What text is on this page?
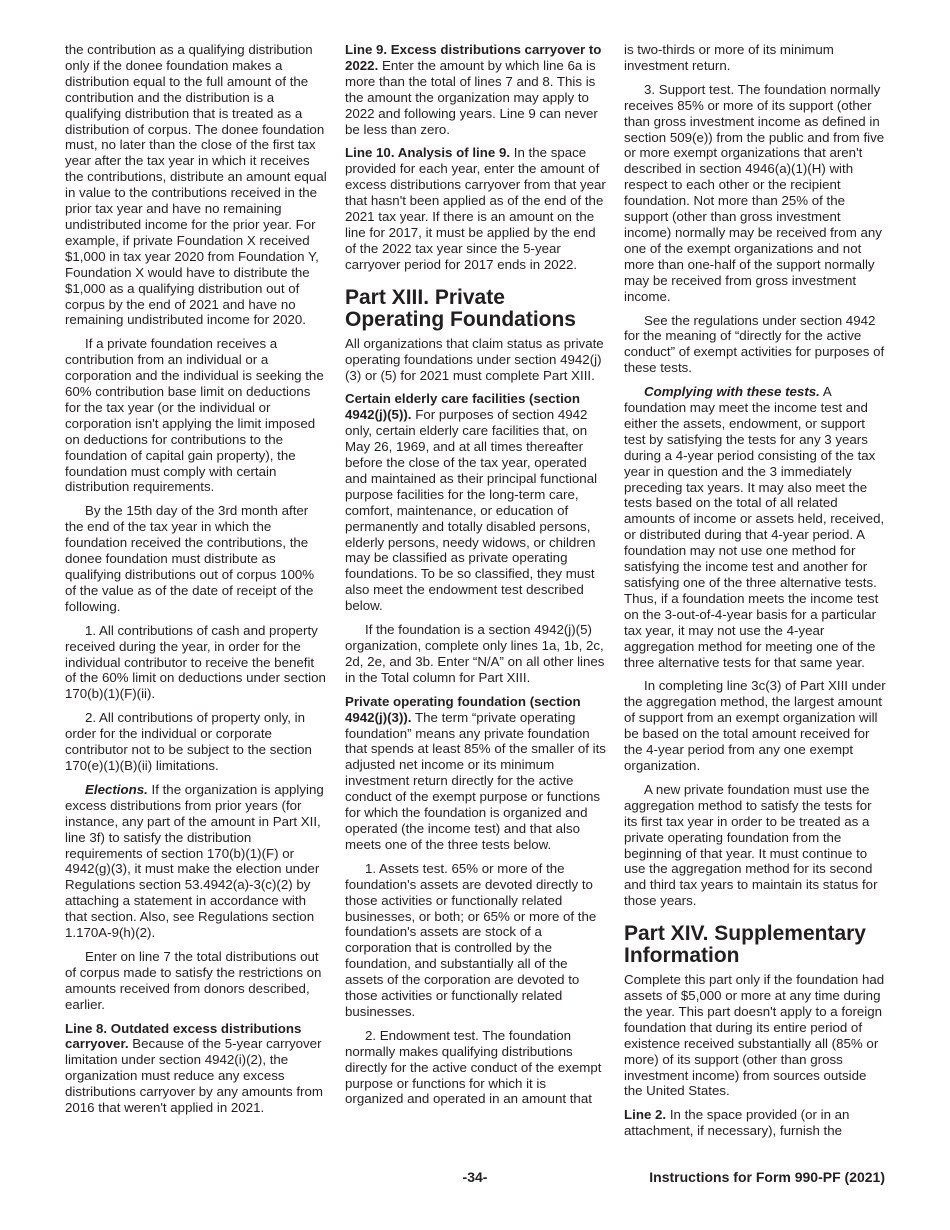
the contribution as a qualifying distribution only if the donee foundation makes a distribution equal to the full amount of the contribution and the distribution is a qualifying distribution that is treated as a distribution of corpus. The donee foundation must, no later than the close of the first tax year after the tax year in which it receives the contributions, distribute an amount equal in value to the contributions received in the prior tax year and have no remaining undistributed income for the prior year. For example, if private Foundation X received $1,000 in tax year 2020 from Foundation Y, Foundation X would have to distribute the $1,000 as a qualifying distribution out of corpus by the end of 2021 and have no remaining undistributed income for 2020.

If a private foundation receives a contribution from an individual or a corporation and the individual is seeking the 60% contribution base limit on deductions for the tax year (or the individual or corporation isn't applying the limit imposed on deductions for contributions to the foundation of capital gain property), the foundation must comply with certain distribution requirements.

By the 15th day of the 3rd month after the end of the tax year in which the foundation received the contributions, the donee foundation must distribute as qualifying distributions out of corpus 100% of the value as of the date of receipt of the following.

1. All contributions of cash and property received during the year, in order for the individual contributor to receive the benefit of the 60% limit on deductions under section 170(b)(1)(F)(ii).

2. All contributions of property only, in order for the individual or corporate contributor not to be subject to the section 170(e)(1)(B)(ii) limitations.

Elections. If the organization is applying excess distributions from prior years (for instance, any part of the amount in Part XII, line 3f) to satisfy the distribution requirements of section 170(b)(1)(F) or 4942(g)(3), it must make the election under Regulations section 53.4942(a)-3(c)(2) by attaching a statement in accordance with that section. Also, see Regulations section 1.170A-9(h)(2).

Enter on line 7 the total distributions out of corpus made to satisfy the restrictions on amounts received from donors described, earlier.

Line 8. Outdated excess distributions carryover. Because of the 5-year carryover limitation under section 4942(i)(2), the organization must reduce any excess distributions carryover by any amounts from 2016 that weren't applied in 2021.

Line 9. Excess distributions carryover to 2022. Enter the amount by which line 6a is more than the total of lines 7 and 8. This is the amount the organization may apply to 2022 and following years. Line 9 can never be less than zero.

Line 10. Analysis of line 9. In the space provided for each year, enter the amount of excess distributions carryover from that year that hasn't been applied as of the end of the 2021 tax year. If there is an amount on the line for 2017, it must be applied by the end of the 2022 tax year since the 5-year carryover period for 2017 ends in 2022.

Part XIII. Private Operating Foundations

All organizations that claim status as private operating foundations under section 4942(j)(3) or (5) for 2021 must complete Part XIII.

Certain elderly care facilities (section 4942(j)(5)). For purposes of section 4942 only, certain elderly care facilities that, on May 26, 1969, and at all times thereafter before the close of the tax year, operated and maintained as their principal functional purpose facilities for the long-term care, comfort, maintenance, or education of permanently and totally disabled persons, elderly persons, needy widows, or children may be classified as private operating foundations. To be so classified, they must also meet the endowment test described below.

If the foundation is a section 4942(j)(5) organization, complete only lines 1a, 1b, 2c, 2d, 2e, and 3b. Enter “N/A” on all other lines in the Total column for Part XIII.

Private operating foundation (section 4942(j)(3)). The term “private operating foundation” means any private foundation that spends at least 85% of the smaller of its adjusted net income or its minimum investment return directly for the active conduct of the exempt purpose or functions for which the foundation is organized and operated (the income test) and that also meets one of the three tests below.

1. Assets test. 65% or more of the foundation's assets are devoted directly to those activities or functionally related businesses, or both; or 65% or more of the foundation's assets are stock of a corporation that is controlled by the foundation, and substantially all of the assets of the corporation are devoted to those activities or functionally related businesses.

2. Endowment test. The foundation normally makes qualifying distributions directly for the active conduct of the exempt purpose or functions for which it is organized and operated in an amount that

is two-thirds or more of its minimum investment return.

3. Support test. The foundation normally receives 85% or more of its support (other than gross investment income as defined in section 509(e)) from the public and from five or more exempt organizations that aren't described in section 4946(a)(1)(H) with respect to each other or the recipient foundation. Not more than 25% of the support (other than gross investment income) normally may be received from any one of the exempt organizations and not more than one-half of the support normally may be received from gross investment income.

See the regulations under section 4942 for the meaning of “directly for the active conduct” of exempt activities for purposes of these tests.

Complying with these tests. A foundation may meet the income test and either the assets, endowment, or support test by satisfying the tests for any 3 years during a 4-year period consisting of the tax year in question and the 3 immediately preceding tax years. It may also meet the tests based on the total of all related amounts of income or assets held, received, or distributed during that 4-year period. A foundation may not use one method for satisfying the income test and another for satisfying one of the three alternative tests. Thus, if a foundation meets the income test on the 3-out-of-4-year basis for a particular tax year, it may not use the 4-year aggregation method for meeting one of the three alternative tests for that same year.

In completing line 3c(3) of Part XIII under the aggregation method, the largest amount of support from an exempt organization will be based on the total amount received for the 4-year period from any one exempt organization.

A new private foundation must use the aggregation method to satisfy the tests for its first tax year in order to be treated as a private operating foundation from the beginning of that year. It must continue to use the aggregation method for its second and third tax years to maintain its status for those years.

Part XIV. Supplementary Information

Complete this part only if the foundation had assets of $5,000 or more at any time during the year. This part doesn't apply to a foreign foundation that during its entire period of existence received substantially all (85% or more) of its support (other than gross investment income) from sources outside the United States.

Line 2. In the space provided (or in an attachment, if necessary), furnish the

-34-	Instructions for Form 990-PF (2021)
